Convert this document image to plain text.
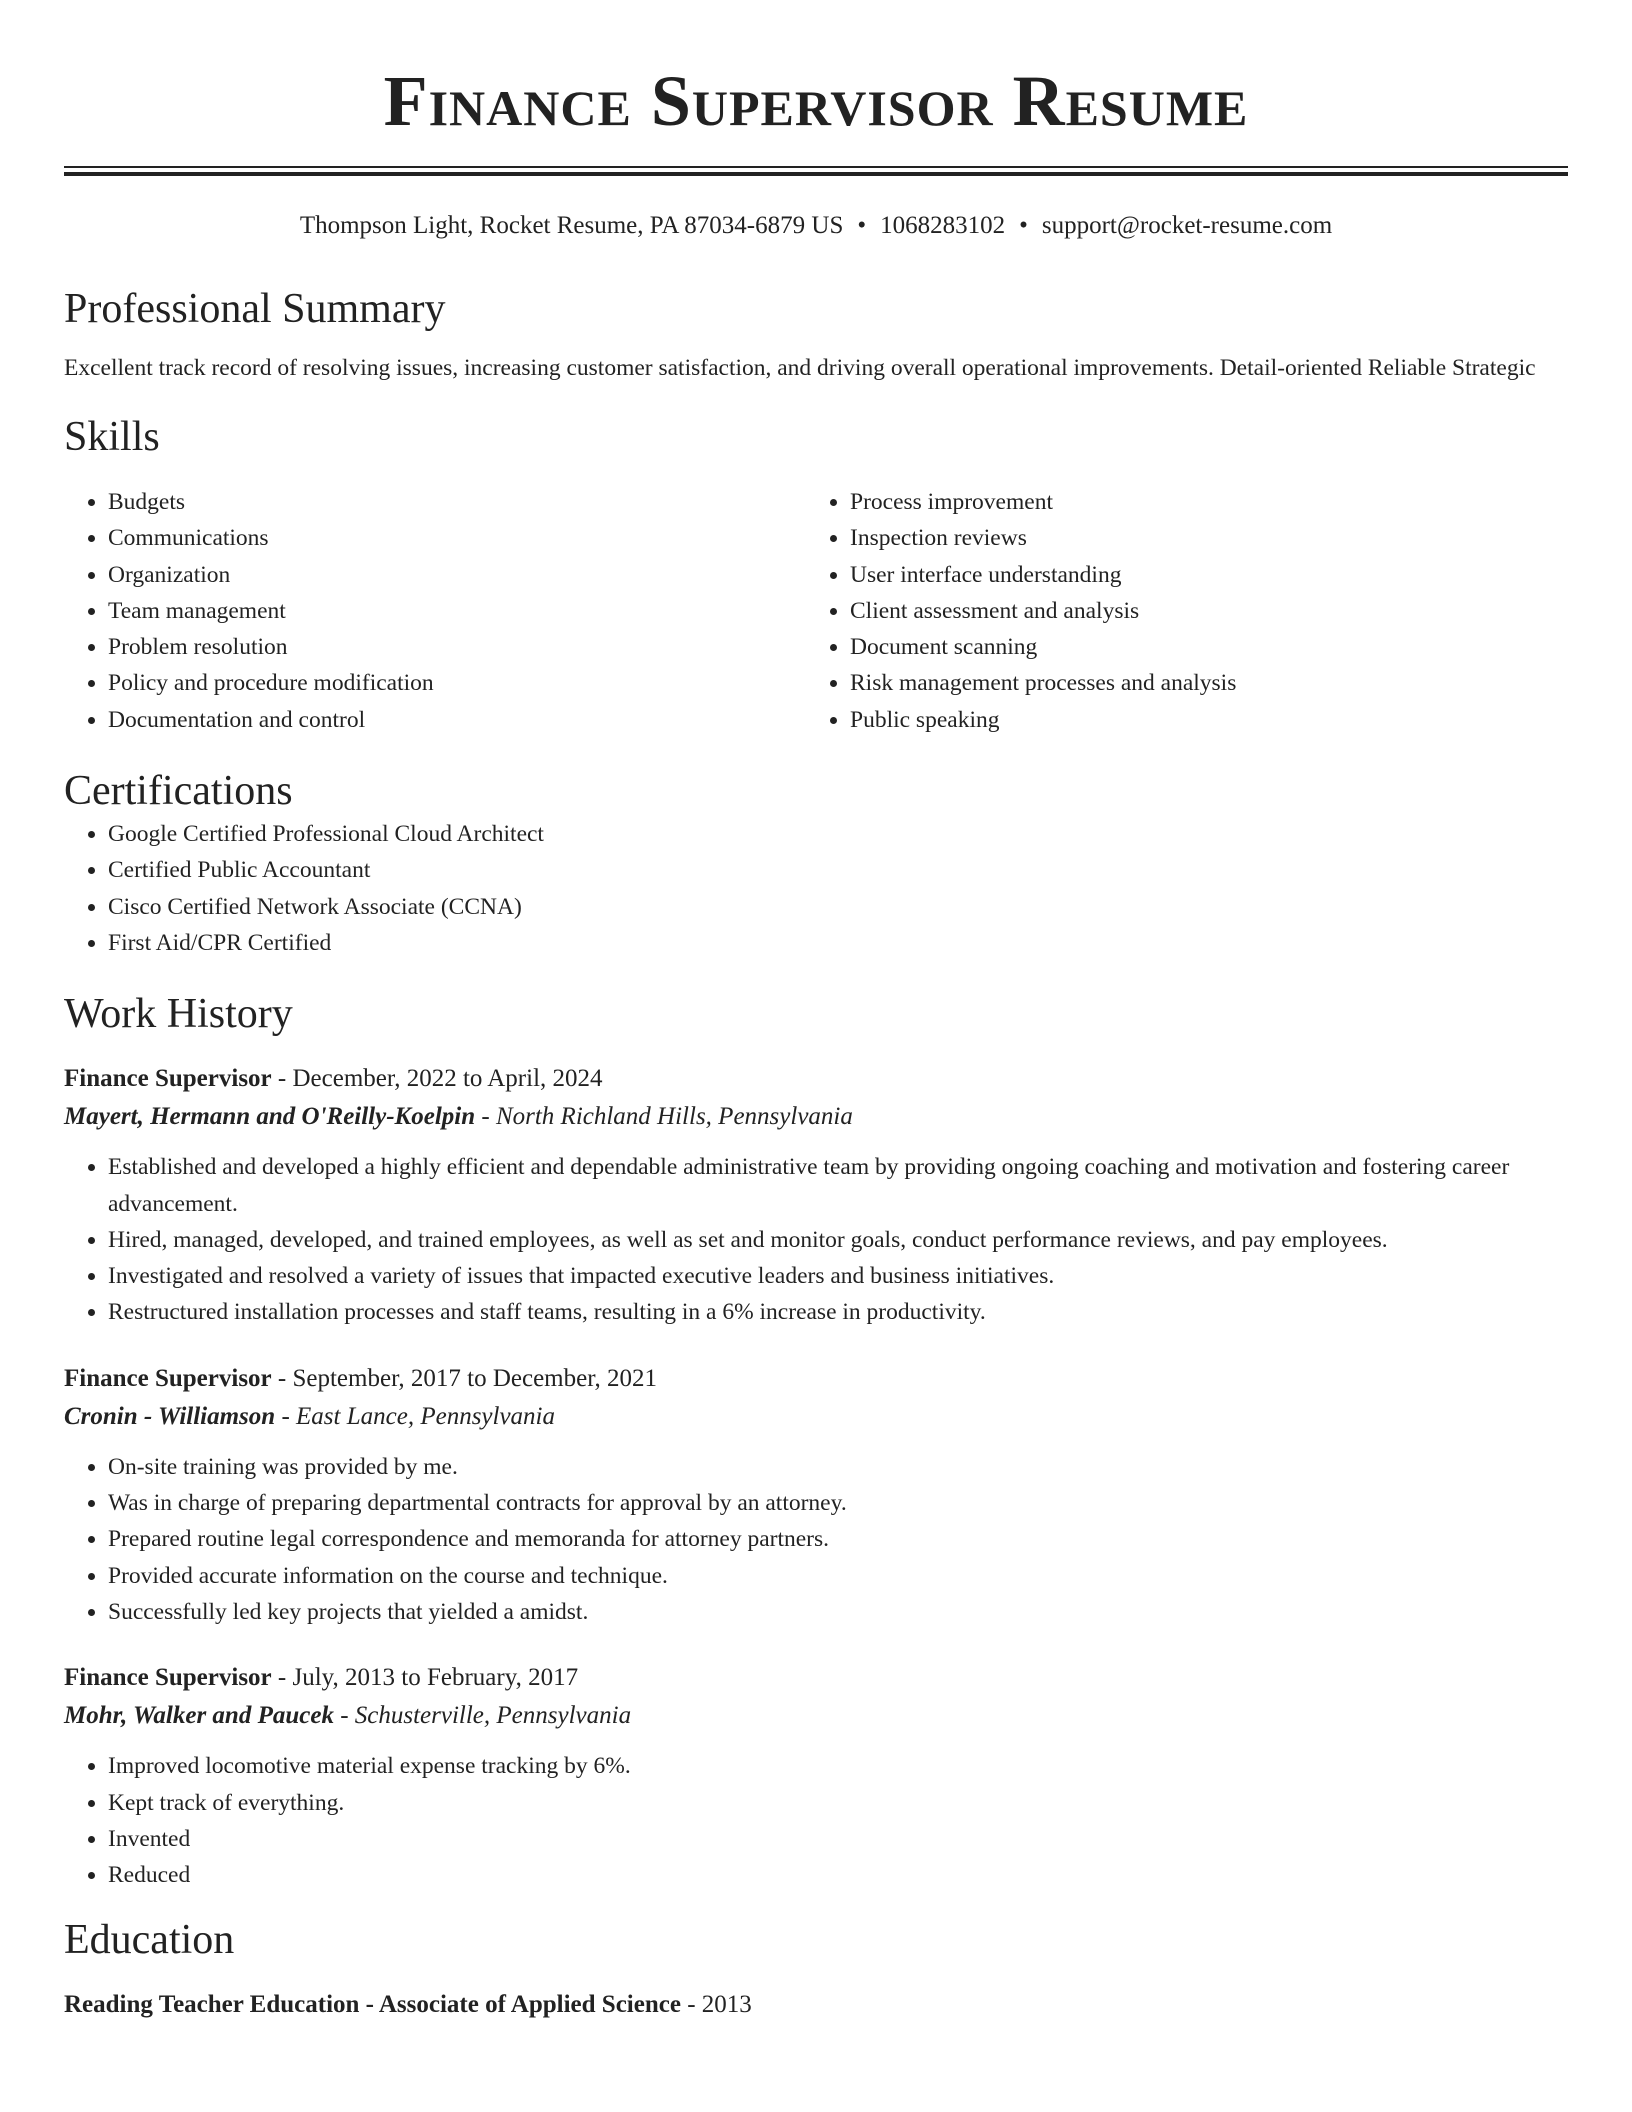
Finance Supervisor Resume
Thompson Light, Rocket Resume, PA 87034-6879 US • 1068283102 • support@rocket-resume.com
Professional Summary
Excellent track record of resolving issues, increasing customer satisfaction, and driving overall operational improvements. Detail-oriented Reliable Strategic
Skills
• Budgets
• Communications
• Organization
• Team management
• Problem resolution
• Policy and procedure modification
• Documentation and control
• Process improvement
• Inspection reviews
• User interface understanding
• Client assessment and analysis
• Document scanning
• Risk management processes and analysis
• Public speaking
Certifications
• Google Certified Professional Cloud Architect
• Certified Public Accountant
• Cisco Certified Network Associate (CCNA)
• First Aid/CPR Certified
Work History
Finance Supervisor - December, 2022 to April, 2024
Mayert, Hermann and O'Reilly-Koelpin - North Richland Hills, Pennsylvania
• Established and developed a highly efficient and dependable administrative team by providing ongoing coaching and motivation and fostering career advancement.
• Hired, managed, developed, and trained employees, as well as set and monitor goals, conduct performance reviews, and pay employees.
• Investigated and resolved a variety of issues that impacted executive leaders and business initiatives.
• Restructured installation processes and staff teams, resulting in a 6% increase in productivity.
Finance Supervisor - September, 2017 to December, 2021
Cronin - Williamson - East Lance, Pennsylvania
• On-site training was provided by me.
• Was in charge of preparing departmental contracts for approval by an attorney.
• Prepared routine legal correspondence and memoranda for attorney partners.
• Provided accurate information on the course and technique.
• Successfully led key projects that yielded a amidst.
Finance Supervisor - July, 2013 to February, 2017
Mohr, Walker and Paucek - Schusterville, Pennsylvania
• Improved locomotive material expense tracking by 6%.
• Kept track of everything.
• Invented
• Reduced
Education
Reading Teacher Education - Associate of Applied Science - 2013
